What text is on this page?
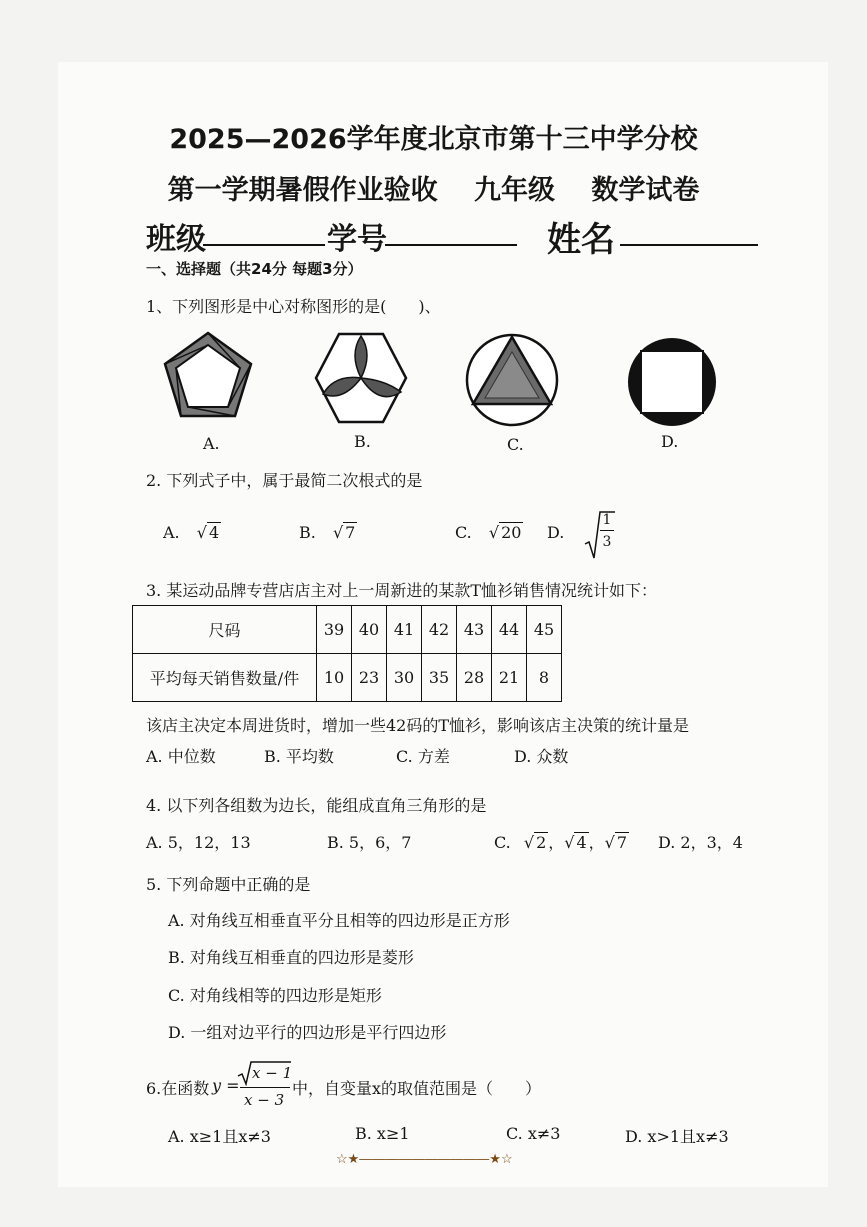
2025—2026学年度北京市第十三中学分校
第一学期暑假作业验收　 九年级　 数学试卷
班级	学号	姓名
一、选择题（共24分 每题3分）
1、下列图形是中心对称图形的是(　　)、
A.	B.	C.	D.
2. 下列式子中，属于最简二次根式的是
A. √ 4	B. √ 7	C. √ 20 D.
1
3
3. 某运动品牌专营店店主对上一周新进的某款T恤衫销售情况统计如下：
尺码	39	40	41	42	43	44	45
平均每天销售数量/件	10	23	30	35	28	21	8
该店主决定本周进货时，增加一些42码的T恤衫，影响该店主决策的统计量是
A. 中位数	B. 平均数	C. 方差	D. 众数
4. 以下列各组数为边长，能组成直角三角形的是
A. 5，12，13	B. 5，6，7	C. √ 2 ，√ 4 ，√ 7 D. 2，3，4
5. 下列命题中正确的是
A. 对角线互相垂直平分且相等的四边形是正方形
B. 对角线互相垂直的四边形是菱形
C. 对角线相等的四边形是矩形
D. 一组对边平行的四边形是平行四边形
6.在函数 y =
x − 1
x − 3
中，自变量x的取值范围是（　　）
A. x≥1且x≠3	B. x≥1	C. x≠3	D. x>1且x≠3
☆★――――――――――★☆
